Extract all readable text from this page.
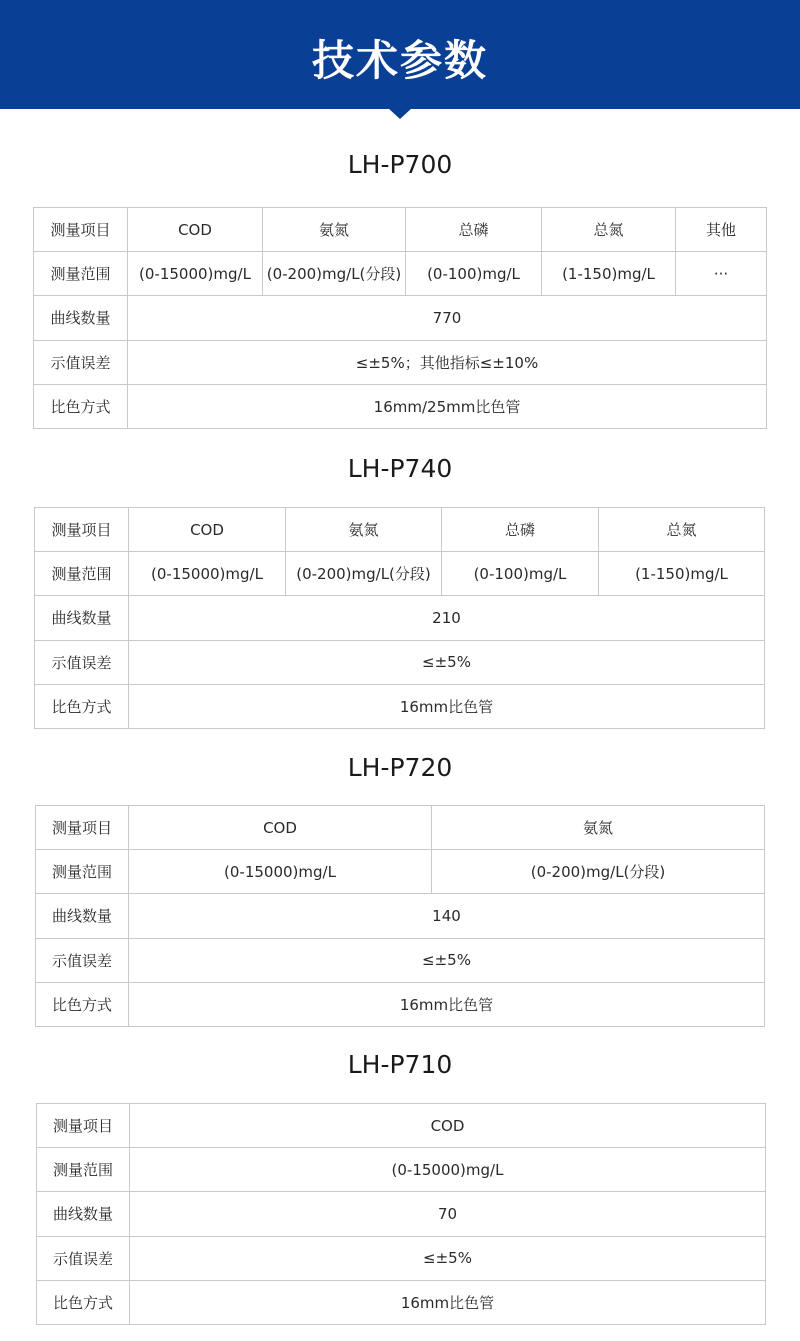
技术参数
LH-P700
测量项目	COD	氨氮	总磷	总氮	其他
测量范围	(0-15000)mg/L	(0-200)mg/L(分段)	(0-100)mg/L	(1-150)mg/L	···
曲线数量	770				
示值误差	≤±5%；其他指标≤±10%				
比色方式	16mm/25mm比色管				
LH-P740
测量项目	COD	氨氮	总磷	总氮
测量范围	(0-15000)mg/L	(0-200)mg/L(分段)	(0-100)mg/L	(1-150)mg/L
曲线数量	210			
示值误差	≤±5%			
比色方式	16mm比色管			
LH-P720
测量项目	COD	氨氮
测量范围	(0-15000)mg/L	(0-200)mg/L(分段)
曲线数量	140	
示值误差	≤±5%	
比色方式	16mm比色管	
LH-P710
测量项目	COD
测量范围	(0-15000)mg/L
曲线数量	70
示值误差	≤±5%
比色方式	16mm比色管
